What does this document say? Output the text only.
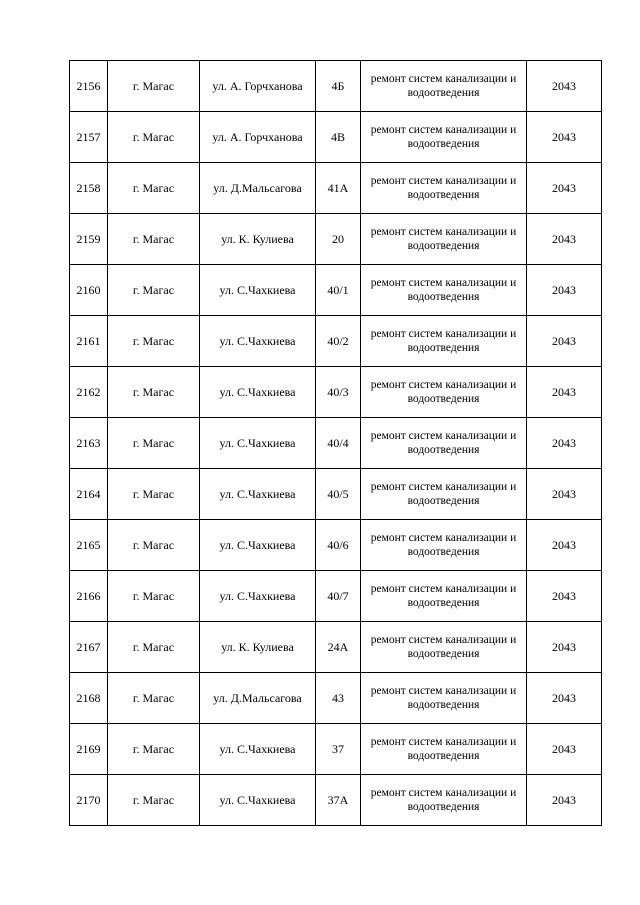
2156	г. Магас	ул. А. Горчханова	4Б	ремонт систем канализации и водоотведения	2043
2157	г. Магас	ул. А. Горчханова	4В	ремонт систем канализации и водоотведения	2043
2158	г. Магас	ул. Д.Мальсагова	41А	ремонт систем канализации и водоотведения	2043
2159	г. Магас	ул. К. Кулиева	20	ремонт систем канализации и водоотведения	2043
2160	г. Магас	ул. С.Чахкиева	40/1	ремонт систем канализации и водоотведения	2043
2161	г. Магас	ул. С.Чахкиева	40/2	ремонт систем канализации и водоотведения	2043
2162	г. Магас	ул. С.Чахкиева	40/3	ремонт систем канализации и водоотведения	2043
2163	г. Магас	ул. С.Чахкиева	40/4	ремонт систем канализации и водоотведения	2043
2164	г. Магас	ул. С.Чахкиева	40/5	ремонт систем канализации и водоотведения	2043
2165	г. Магас	ул. С.Чахкиева	40/6	ремонт систем канализации и водоотведения	2043
2166	г. Магас	ул. С.Чахкиева	40/7	ремонт систем канализации и водоотведения	2043
2167	г. Магас	ул. К. Кулиева	24А	ремонт систем канализации и водоотведения	2043
2168	г. Магас	ул. Д.Мальсагова	43	ремонт систем канализации и водоотведения	2043
2169	г. Магас	ул. С.Чахкиева	37	ремонт систем канализации и водоотведения	2043
2170	г. Магас	ул. С.Чахкиева	37А	ремонт систем канализации и водоотведения	2043
